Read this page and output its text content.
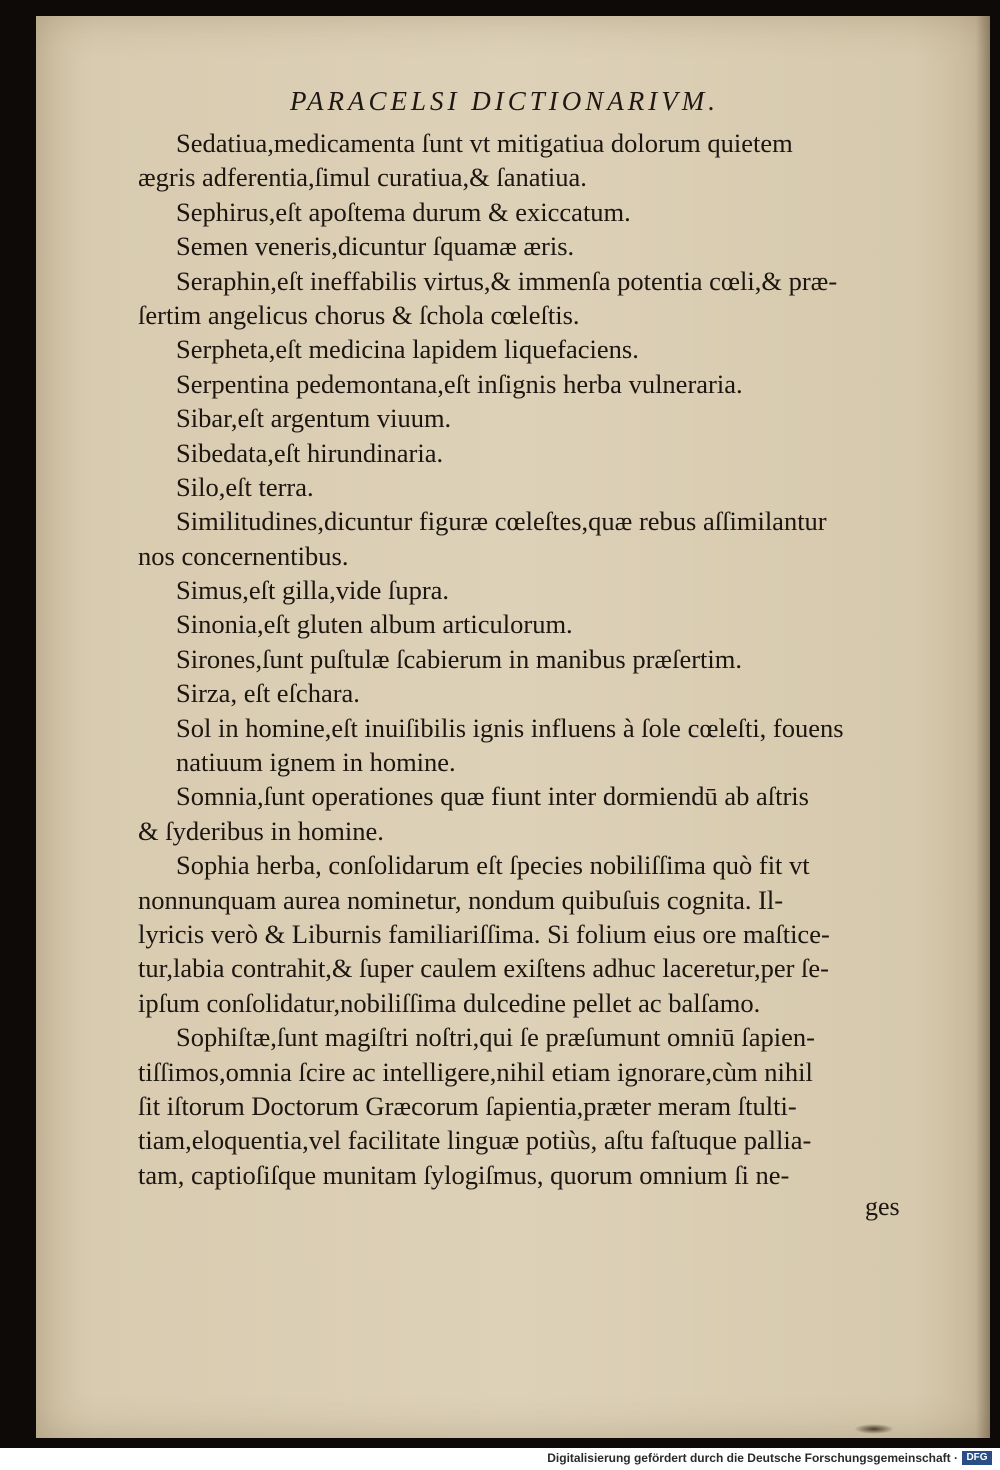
PARACELSI DICTIONARIVM.
Sedatiua,medicamenta ſunt vt mitigatiua dolorum quietem
ægris adferentia,ſimul curatiua,& ſanatiua.
Sephirus,eſt apoſtema durum & exiccatum.
Semen veneris,dicuntur ſquamæ æris.
Seraphin,eſt ineffabilis virtus,& immenſa potentia cœli,& præ-
ſertim angelicus chorus & ſchola cœleſtis.
Serpheta,eſt medicina lapidem liquefaciens.
Serpentina pedemontana,eſt inſignis herba vulneraria.
Sibar,eſt argentum viuum.
Sibedata,eſt hirundinaria.
Silo,eſt terra.
Similitudines,dicuntur figuræ cœleſtes,quæ rebus aſſimilantur
nos concernentibus.
Simus,eſt gilla,vide ſupra.
Sinonia,eſt gluten album articulorum.
Sirones,ſunt puſtulæ ſcabierum in manibus præſertim.
Sirza, eſt eſchara.
Sol in homine,eſt inuiſibilis ignis influens à ſole cœleſti, fouens
natiuum ignem in homine.
Somnia,ſunt operationes quæ fiunt inter dormiendū ab aſtris
& ſyderibus in homine.
Sophia herba, conſolidarum eſt ſpecies nobiliſſima quò fit vt
nonnunquam aurea nominetur, nondum quibuſuis cognita. Il-
lyricis verò & Liburnis familiariſſima. Si folium eius ore maſtice-
tur,labia contrahit,& ſuper caulem exiſtens adhuc laceretur,per ſe-
ipſum conſolidatur,nobiliſſima dulcedine pellet ac balſamo.
Sophiſtæ,ſunt magiſtri noſtri,qui ſe præſumunt omniū ſapien-
tiſſimos,omnia ſcire ac intelligere,nihil etiam ignorare,cùm nihil
ſit iſtorum Doctorum Græcorum ſapientia,præter meram ſtulti-
tiam,eloquentia,vel facilitate linguæ potiùs, aſtu faſtuque pallia-
tam, captioſiſque munitam ſylogiſmus, quorum omnium ſi ne-
ges
Digitalisierung gefördert durch die Deutsche Forschungsgemeinschaft · DFG
